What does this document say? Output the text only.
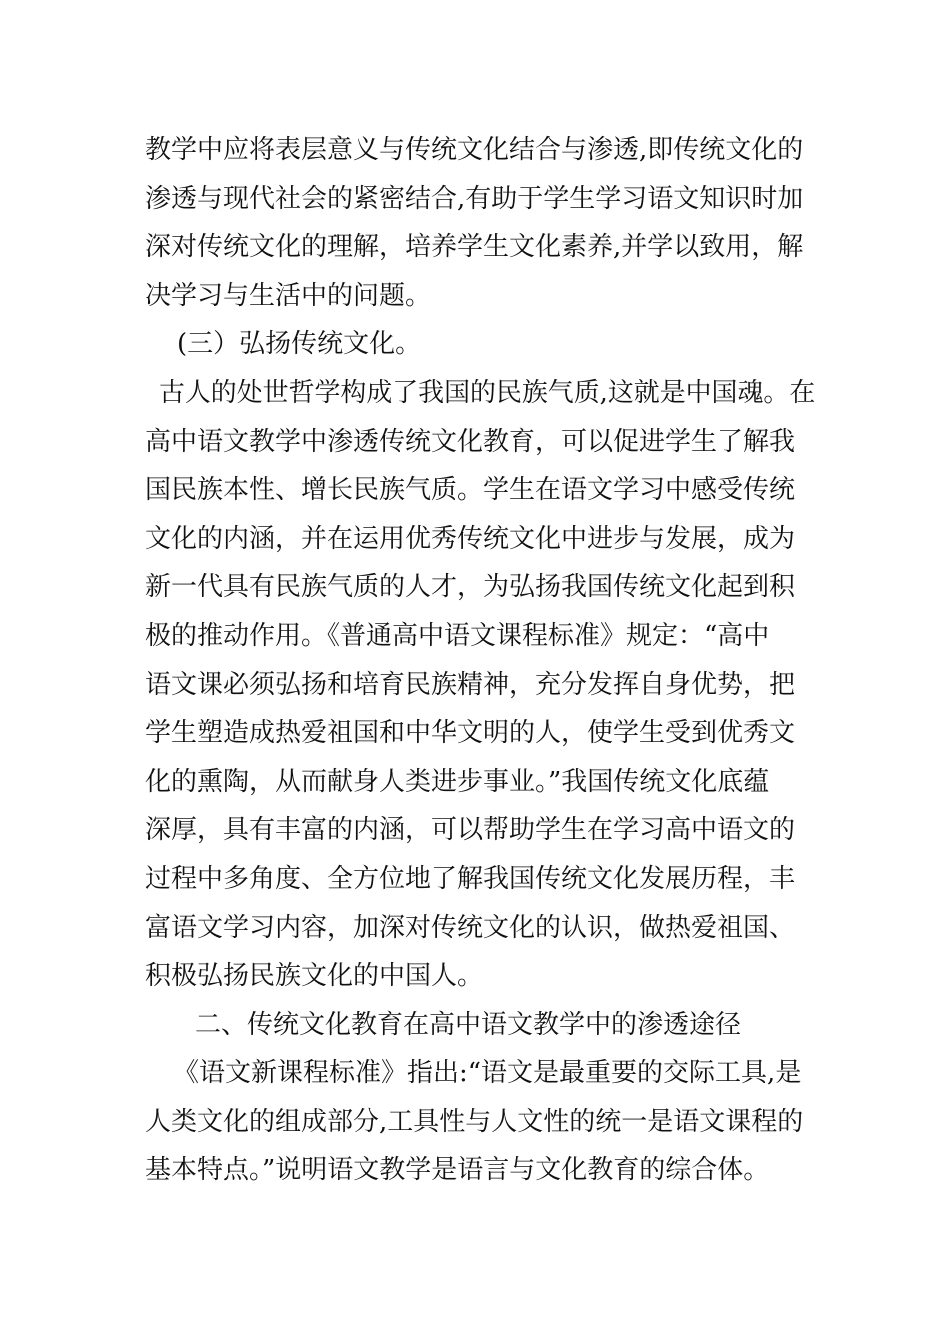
教学中应将表层意义与传统文化结合与渗透,即传统文化的
渗透与现代社会的紧密结合,有助于学生学习语文知识时加
深对传统文化的理解，培养学生文化素养,并学以致用，解
决学习与生活中的问题。
(三）弘扬传统文化。
古人的处世哲学构成了我国的民族气质,这就是中国魂。在
高中语文教学中渗透传统文化教育，可以促进学生了解我
国民族本性、增长民族气质。学生在语文学习中感受传统
文化的内涵，并在运用优秀传统文化中进步与发展，成为
新一代具有民族气质的人才，为弘扬我国传统文化起到积
极的推动作用。《普通高中语文课程标准》规定：“高中
语文课必须弘扬和培育民族精神，充分发挥自身优势，把
学生塑造成热爱祖国和中华文明的人，使学生受到优秀文
化的熏陶，从而献身人类进步事业。”我国传统文化底蕴
深厚，具有丰富的内涵，可以帮助学生在学习高中语文的
过程中多角度、全方位地了解我国传统文化发展历程，丰
富语文学习内容，加深对传统文化的认识，做热爱祖国、
积极弘扬民族文化的中国人。
二、传统文化教育在高中语文教学中的渗透途径
《语文新课程标准》指出:“语文是最重要的交际工具,是
人类文化的组成部分,工具性与人文性的统一是语文课程的
基本特点。”说明语文教学是语言与文化教育的综合体。
